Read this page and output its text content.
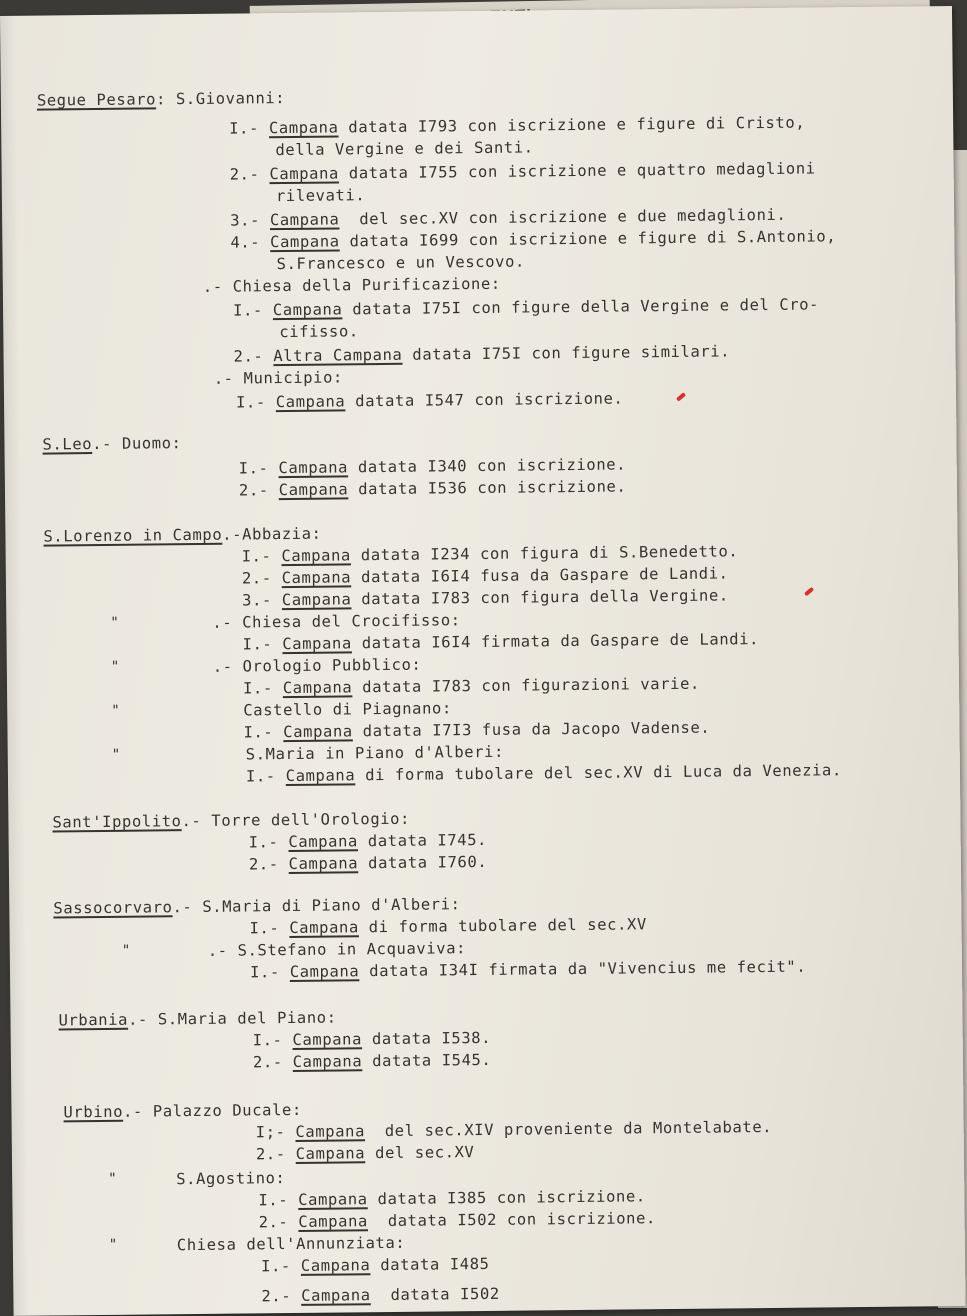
Segue Pesaro: S.Giovanni:
I.- Campana datata I793 con iscrizione e figure di Cristo,
della Vergine e dei Santi.
2.- Campana datata I755 con iscrizione e quattro medaglioni
rilevati.
3.- Campana  del sec.XV con iscrizione e due medaglioni.
4.- Campana datata I699 con iscrizione e figure di S.Antonio,
S.Francesco e un Vescovo.
.- Chiesa della Purificazione:
I.- Campana datata I75I con figure della Vergine e del Cro-
cifisso.
2.- Altra Campana datata I75I con figure similari.
.- Municipio:
I.- Campana datata I547 con iscrizione.
S.Leo.- Duomo:
I.- Campana datata I340 con iscrizione.
2.- Campana datata I536 con iscrizione.
S.Lorenzo in Campo.-Abbazia:
I.- Campana datata I234 con figura di S.Benedetto.
2.- Campana datata I6I4 fusa da Gaspare de Landi.
3.- Campana datata I783 con figura della Vergine.
"	.- Chiesa del Crocifisso:
I.- Campana datata I6I4 firmata da Gaspare de Landi.
"	.- Orologio Pubblico:
I.- Campana datata I783 con figurazioni varie.
"	Castello di Piagnano:
I.- Campana datata I7I3 fusa da Jacopo Vadense.
"	S.Maria in Piano d'Alberi:
I.- Campana di forma tubolare del sec.XV di Luca da Venezia.
Sant'Ippolito.- Torre dell'Orologio:
I.- Campana datata I745.
2.- Campana datata I760.
Sassocorvaro.- S.Maria di Piano d'Alberi:
I.- Campana di forma tubolare del sec.XV
"	.- S.Stefano in Acquaviva:
I.- Campana datata I34I firmata da "Vivencius me fecit".
Urbania.- S.Maria del Piano:
I.- Campana datata I538.
2.- Campana datata I545.
Urbino.- Palazzo Ducale:
I;- Campana  del sec.XIV proveniente da Montelabate.
2.- Campana del sec.XV
"	S.Agostino:
I.- Campana datata I385 con iscrizione.
2.- Campana  datata I502 con iscrizione.
"	Chiesa dell'Annunziata:
I.- Campana datata I485
2.- Campana  datata I502
